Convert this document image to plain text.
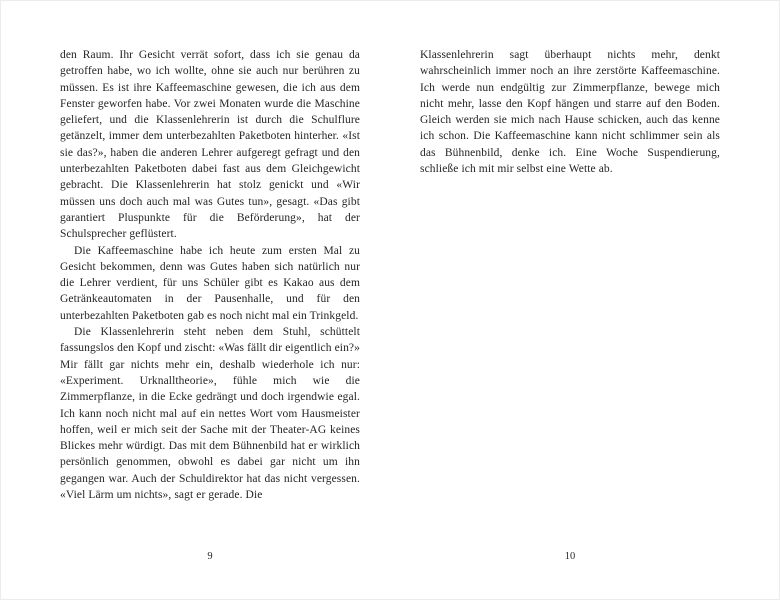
den Raum. Ihr Gesicht verrät sofort, dass ich sie genau da getroffen habe, wo ich wollte, ohne sie auch nur berühren zu müssen. Es ist ihre Kaffeemaschine gewesen, die ich aus dem Fenster geworfen habe. Vor zwei Monaten wurde die Maschine geliefert, und die Klassenlehrerin ist durch die Schulflure getänzelt, immer dem unterbezahlten Paketboten hinterher. «Ist sie das?», haben die anderen Lehrer aufgeregt gefragt und den unterbezahlten Paketboten dabei fast aus dem Gleichgewicht gebracht. Die Klassenlehrerin hat stolz genickt und «Wir müssen uns doch auch mal was Gutes tun», gesagt. «Das gibt garantiert Pluspunkte für die Beförderung», hat der Schulsprecher geflüstert.

Die Kaffeemaschine habe ich heute zum ersten Mal zu Gesicht bekommen, denn was Gutes haben sich natürlich nur die Lehrer verdient, für uns Schüler gibt es Kakao aus dem Getränkeautomaten in der Pausenhalle, und für den unterbezahlten Paketboten gab es noch nicht mal ein Trinkgeld.

Die Klassenlehrerin steht neben dem Stuhl, schüttelt fassungslos den Kopf und zischt: «Was fällt dir eigentlich ein?» Mir fällt gar nichts mehr ein, deshalb wiederhole ich nur: «Experiment. Urknalltheorie», fühle mich wie die Zimmerpflanze, in die Ecke gedrängt und doch irgendwie egal. Ich kann noch nicht mal auf ein nettes Wort vom Hausmeister hoffen, weil er mich seit der Sache mit der Theater-AG keines Blickes mehr würdigt. Das mit dem Bühnenbild hat er wirklich persönlich genommen, obwohl es dabei gar nicht um ihn gegangen war. Auch der Schuldirektor hat das nicht vergessen. «Viel Lärm um nichts», sagt er gerade. Die

9

Klassenlehrerin sagt überhaupt nichts mehr, denkt wahrscheinlich immer noch an ihre zerstörte Kaffeemaschine. Ich werde nun endgültig zur Zimmerpflanze, bewege mich nicht mehr, lasse den Kopf hängen und starre auf den Boden. Gleich werden sie mich nach Hause schicken, auch das kenne ich schon. Die Kaffeemaschine kann nicht schlimmer sein als das Bühnenbild, denke ich. Eine Woche Suspendierung, schließe ich mit mir selbst eine Wette ab.

10
